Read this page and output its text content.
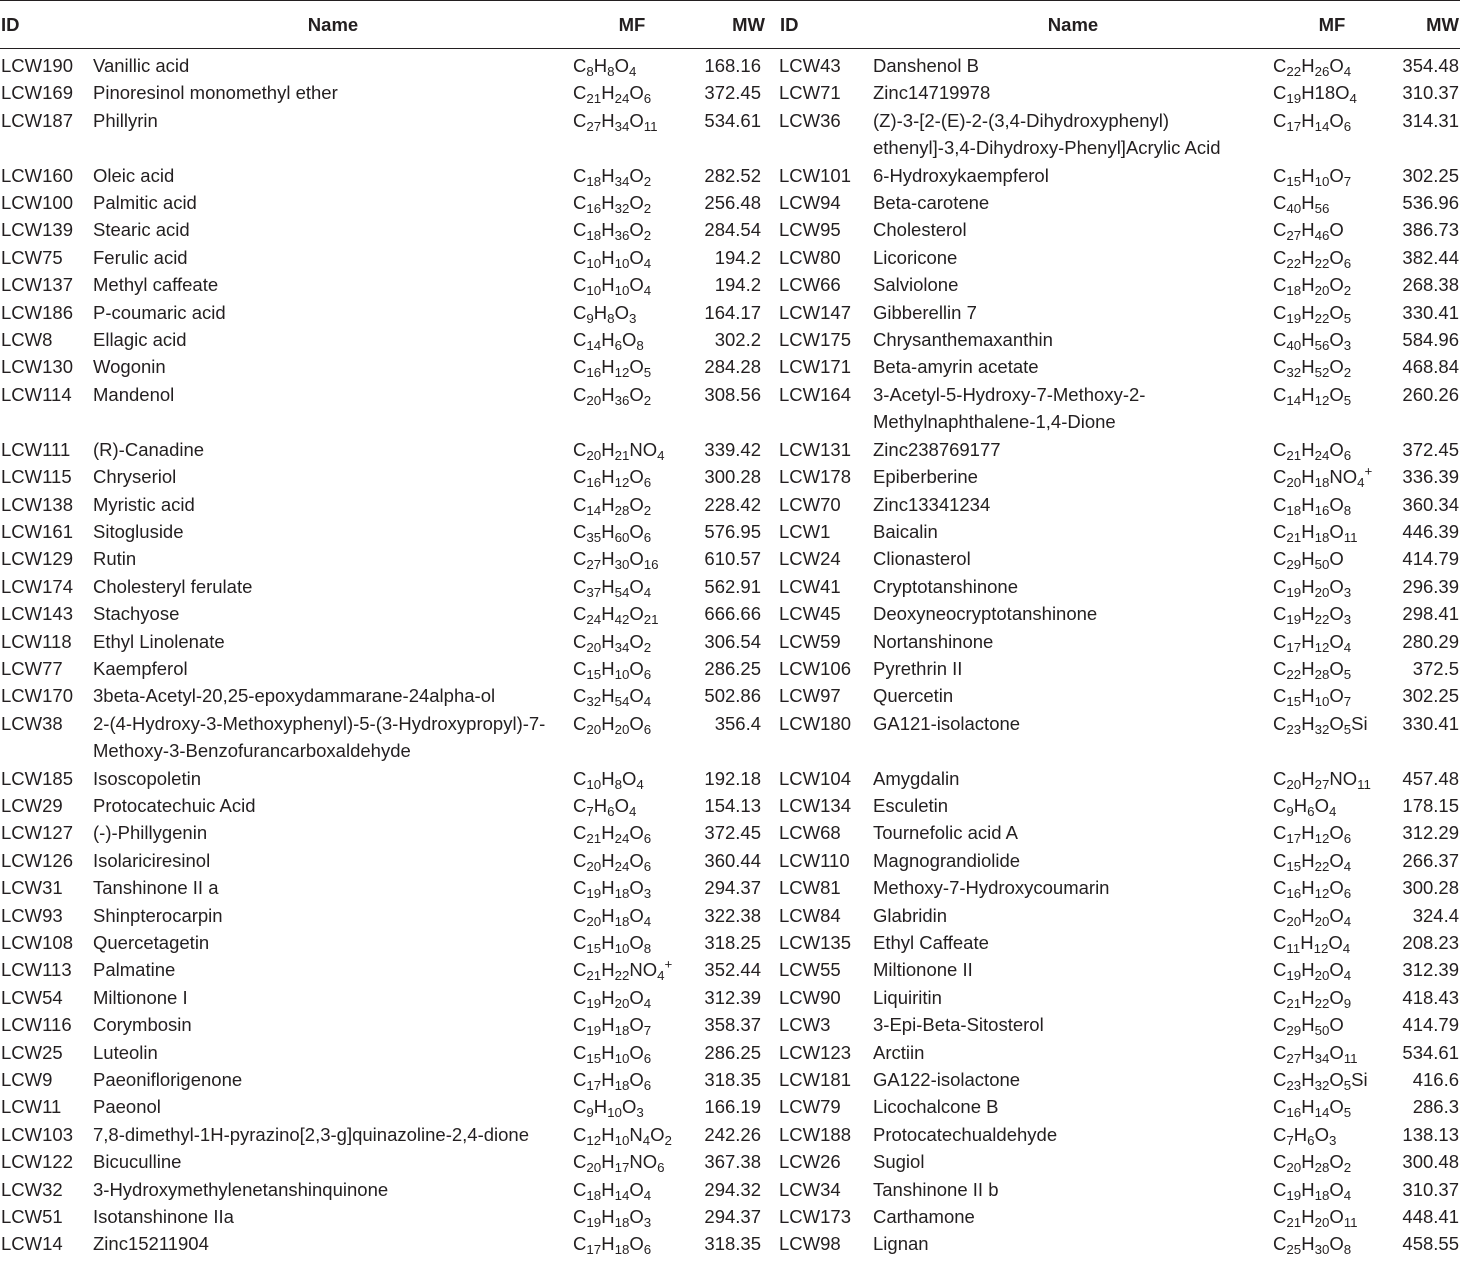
ID	Name	MF	MW	ID	Name	MF	MW

LCW190	Vanillic acid	$C_8H_8O_4$	168.16	LCW43	Danshenol B	$C_{22}H_{26}O_4$	354.48
LCW169	Pinoresinol monomethyl ether	$C_{21}H_{24}O_6$	372.45	LCW71	Zinc14719978	$C_{19}H18O_4$	310.37
LCW187	Phillyrin	$C_{27}H_{34}O_{11}$	534.61	LCW36	(Z)-3-[2-(E)-2-(3,4-Dihydroxyphenyl) ethenyl]-3,4-Dihydroxy-Phenyl]Acrylic Acid	$C_{17}H_{14}O_6$	314.31
LCW160	Oleic acid	$C_{18}H_{34}O_2$	282.52	LCW101	6-Hydroxykaempferol	$C_{15}H_{10}O_7$	302.25
LCW100	Palmitic acid	$C_{16}H_{32}O_2$	256.48	LCW94	Beta-carotene	$C_{40}H_{56}$	536.96
LCW139	Stearic acid	$C_{18}H_{36}O_2$	284.54	LCW95	Cholesterol	$C_{27}H_{46}O$	386.73
LCW75	Ferulic acid	$C_{10}H_{10}O_4$	194.2	LCW80	Licoricone	$C_{22}H_{22}O_6$	382.44
LCW137	Methyl caffeate	$C_{10}H_{10}O_4$	194.2	LCW66	Salviolone	$C_{18}H_{20}O_2$	268.38
LCW186	P-coumaric acid	$C_9H_8O_3$	164.17	LCW147	Gibberellin 7	$C_{19}H_{22}O_5$	330.41
LCW8	Ellagic acid	$C_{14}H_6O_8$	302.2	LCW175	Chrysanthemaxanthin	$C_{40}H_{56}O_3$	584.96
LCW130	Wogonin	$C_{16}H_{12}O_5$	284.28	LCW171	Beta-amyrin acetate	$C_{32}H_{52}O_2$	468.84
LCW114	Mandenol	$C_{20}H_{36}O_2$	308.56	LCW164	3-Acetyl-5-Hydroxy-7-Methoxy-2-Methylnaphthalene-1,4-Dione	$C_{14}H_{12}O_5$	260.26
LCW111	(R)-Canadine	$C_{20}H_{21}NO_4$	339.42	LCW131	Zinc238769177	$C_{21}H_{24}O_6$	372.45
LCW115	Chryseriol	$C_{16}H_{12}O_6$	300.28	LCW178	Epiberberine	$C_{20}H_{18}NO_4^+$	336.39
LCW138	Myristic acid	$C_{14}H_{28}O_2$	228.42	LCW70	Zinc13341234	$C_{18}H_{16}O_8$	360.34
LCW161	Sitogluside	$C_{35}H_{60}O_6$	576.95	LCW1	Baicalin	$C_{21}H_{18}O_{11}$	446.39
LCW129	Rutin	$C_{27}H_{30}O_{16}$	610.57	LCW24	Clionasterol	$C_{29}H_{50}O$	414.79
LCW174	Cholesteryl ferulate	$C_{37}H_{54}O_4$	562.91	LCW41	Cryptotanshinone	$C_{19}H_{20}O_3$	296.39
LCW143	Stachyose	$C_{24}H_{42}O_{21}$	666.66	LCW45	Deoxyneocryptotanshinone	$C_{19}H_{22}O_3$	298.41
LCW118	Ethyl Linolenate	$C_{20}H_{34}O_2$	306.54	LCW59	Nortanshinone	$C_{17}H_{12}O_4$	280.29
LCW77	Kaempferol	$C_{15}H_{10}O_6$	286.25	LCW106	Pyrethrin II	$C_{22}H_{28}O_5$	372.5
LCW170	3beta-Acetyl-20,25-epoxydammarane-24alpha-ol	$C_{32}H_{54}O_4$	502.86	LCW97	Quercetin	$C_{15}H_{10}O_7$	302.25
LCW38	2-(4-Hydroxy-3-Methoxyphenyl)-5-(3-Hydroxypropyl)-7-Methoxy-3-Benzofurancarboxaldehyde	$C_{20}H_{20}O_6$	356.4	LCW180	GA121-isolactone	$C_{23}H_{32}O_5Si$	330.41
LCW185	Isoscopoletin	$C_{10}H_8O_4$	192.18	LCW104	Amygdalin	$C_{20}H_{27}NO_{11}$	457.48
LCW29	Protocatechuic Acid	$C_7H_6O_4$	154.13	LCW134	Esculetin	$C_9H_6O_4$	178.15
LCW127	(-)-Phillygenin	$C_{21}H_{24}O_6$	372.45	LCW68	Tournefolic acid A	$C_{17}H_{12}O_6$	312.29
LCW126	Isolariciresinol	$C_{20}H_{24}O_6$	360.44	LCW110	Magnograndiolide	$C_{15}H_{22}O_4$	266.37
LCW31	Tanshinone II a	$C_{19}H_{18}O_3$	294.37	LCW81	Methoxy-7-Hydroxycoumarin	$C_{16}H_{12}O_6$	300.28
LCW93	Shinpterocarpin	$C_{20}H_{18}O_4$	322.38	LCW84	Glabridin	$C_{20}H_{20}O_4$	324.4
LCW108	Quercetagetin	$C_{15}H_{10}O_8$	318.25	LCW135	Ethyl Caffeate	$C_{11}H_{12}O_4$	208.23
LCW113	Palmatine	$C_{21}H_{22}NO_4^+$	352.44	LCW55	Miltionone II	$C_{19}H_{20}O_4$	312.39
LCW54	Miltionone I	$C_{19}H_{20}O_4$	312.39	LCW90	Liquiritin	$C_{21}H_{22}O_9$	418.43
LCW116	Corymbosin	$C_{19}H_{18}O_7$	358.37	LCW3	3-Epi-Beta-Sitosterol	$C_{29}H_{50}O$	414.79
LCW25	Luteolin	$C_{15}H_{10}O_6$	286.25	LCW123	Arctiin	$C_{27}H_{34}O_{11}$	534.61
LCW9	Paeoniflorigenone	$C_{17}H_{18}O_6$	318.35	LCW181	GA122-isolactone	$C_{23}H_{32}O_5Si$	416.6
LCW11	Paeonol	$C_9H_{10}O_3$	166.19	LCW79	Licochalcone B	$C_{16}H_{14}O_5$	286.3
LCW103	7,8-dimethyl-1H-pyrazino[2,3-g]quinazoline-2,4-dione	$C_{12}H_{10}N_4O_2$	242.26	LCW188	Protocatechualdehyde	$C_7H_6O_3$	138.13
LCW122	Bicuculline	$C_{20}H_{17}NO_6$	367.38	LCW26	Sugiol	$C_{20}H_{28}O_2$	300.48
LCW32	3-Hydroxymethylenetanshinquinone	$C_{18}H_{14}O_4$	294.32	LCW34	Tanshinone II b	$C_{19}H_{18}O_4$	310.37
LCW51	Isotanshinone IIa	$C_{19}H_{18}O_3$	294.37	LCW173	Carthamone	$C_{21}H_{20}O_{11}$	448.41
LCW14	Zinc15211904	$C_{17}H_{18}O_6$	318.35	LCW98	Lignan	$C_{25}H_{30}O_8$	458.55
